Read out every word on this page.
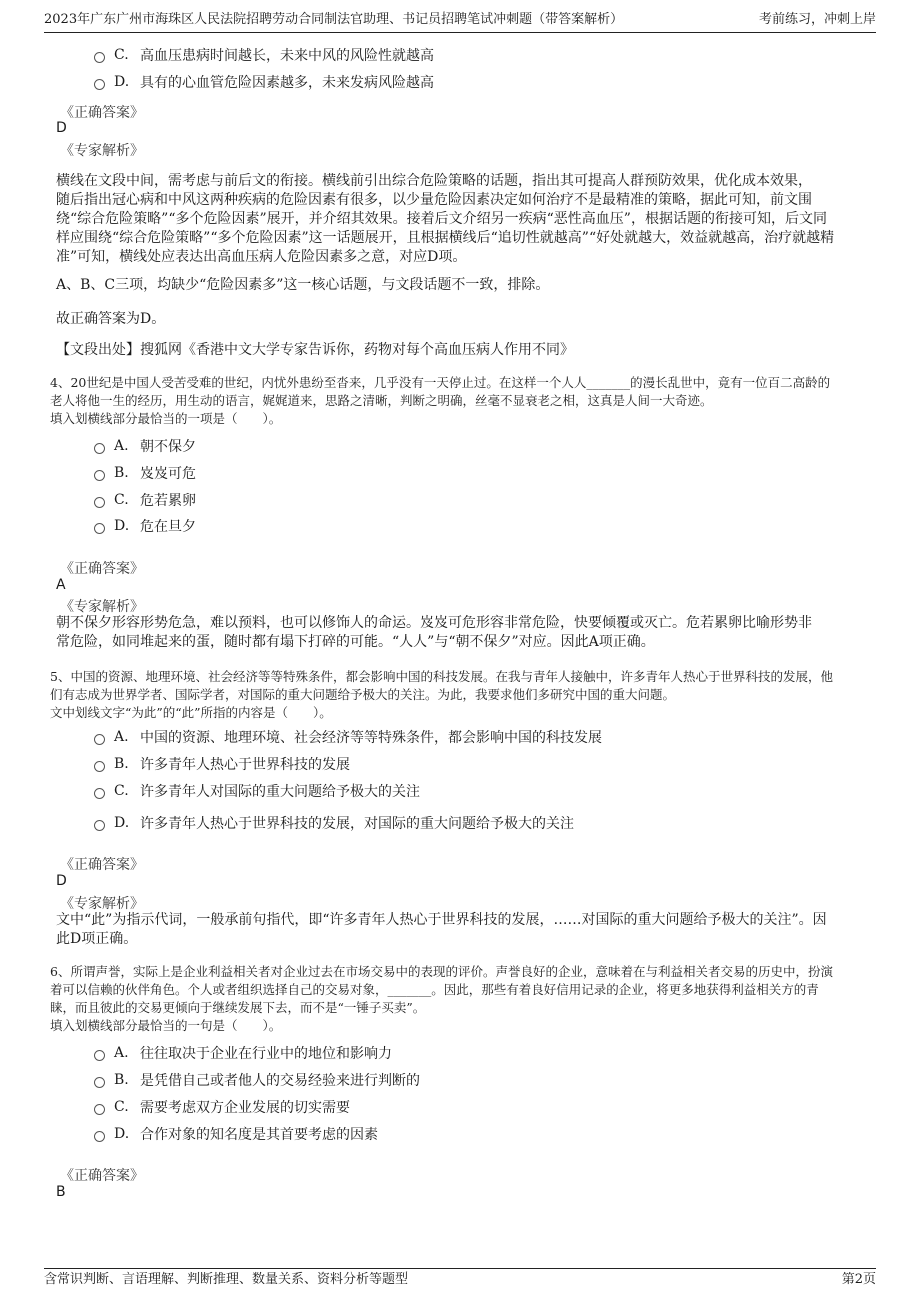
2023年广东广州市海珠区人民法院招聘劳动合同制法官助理、书记员招聘笔试冲刺题（带答案解析）	考前练习，冲刺上岸
C. 高血压患病时间越长，未来中风的风险性就越高
D. 具有的心血管危险因素越多，未来发病风险越高
《正确答案》
D
《专家解析》
横线在文段中间，需考虑与前后文的衔接。横线前引出综合危险策略的话题，指出其可提高人群预防效果，优化成本效果，
随后指出冠心病和中风这两种疾病的危险因素有很多，以少量危险因素决定如何治疗不是最精准的策略，据此可知，前文围
绕“综合危险策略”“多个危险因素”展开，并介绍其效果。接着后文介绍另一疾病“恶性高血压”，根据话题的衔接可知，后文同
样应围绕“综合危险策略”“多个危险因素”这一话题展开，且根据横线后“追切性就越高”“好处就越大，效益就越高，治疗就越精
准”可知，横线处应表达出高血压病人危险因素多之意，对应D项。
A、B、C三项，均缺少“危险因素多”这一核心话题，与文段话题不一致，排除。
故正确答案为D。
【文段出处】搜狐网《香港中文大学专家告诉你，药物对每个高血压病人作用不同》
4、20世纪是中国人受苦受难的世纪，内忧外患纷至沓来，几乎没有一天停止过。在这样一个人人_______的漫长乱世中，竟有一位百二高龄的
老人将他一生的经历，用生动的语言，娓娓道来，思路之清晰，判断之明确，丝毫不显衰老之相，这真是人间一大奇迹。
填入划横线部分最恰当的一项是（　　）。
A. 朝不保夕
B. 岌岌可危
C. 危若累卵
D. 危在旦夕
《正确答案》
A
《专家解析》
朝不保夕形容形势危急，难以预料，也可以修饰人的命运。岌岌可危形容非常危险，快要倾覆或灭亡。危若累卵比喻形势非
常危险，如同堆起来的蛋，随时都有塌下打碎的可能。“人人”与“朝不保夕”对应。因此A项正确。
5、中国的资源、地理环境、社会经济等等特殊条件，都会影响中国的科技发展。在我与青年人接触中，许多青年人热心于世界科技的发展，他
们有志成为世界学者、国际学者，对国际的重大问题给予极大的关注。为此，我要求他们多研究中国的重大问题。
文中划线文字“为此”的“此”所指的内容是（　　）。
A. 中国的资源、地理环境、社会经济等等特殊条件，都会影响中国的科技发展
B. 许多青年人热心于世界科技的发展
C. 许多青年人对国际的重大问题给予极大的关注
D. 许多青年人热心于世界科技的发展，对国际的重大问题给予极大的关注
《正确答案》
D
《专家解析》
文中“此”为指示代词，一般承前句指代，即“许多青年人热心于世界科技的发展，……对国际的重大问题给予极大的关注”。因
此D项正确。
6、所谓声誉，实际上是企业利益相关者对企业过去在市场交易中的表现的评价。声誉良好的企业，意味着在与利益相关者交易的历史中，扮演
着可以信赖的伙伴角色。个人或者组织选择自己的交易对象，_______。因此，那些有着良好信用记录的企业，将更多地获得利益相关方的青
睐，而且彼此的交易更倾向于继续发展下去，而不是“一锤子买卖”。
填入划横线部分最恰当的一句是（　　）。
A. 往往取决于企业在行业中的地位和影响力
B. 是凭借自己或者他人的交易经验来进行判断的
C. 需要考虑双方企业发展的切实需要
D. 合作对象的知名度是其首要考虑的因素
《正确答案》
B
含常识判断、言语理解、判断推理、数量关系、资料分析等题型	第2页
